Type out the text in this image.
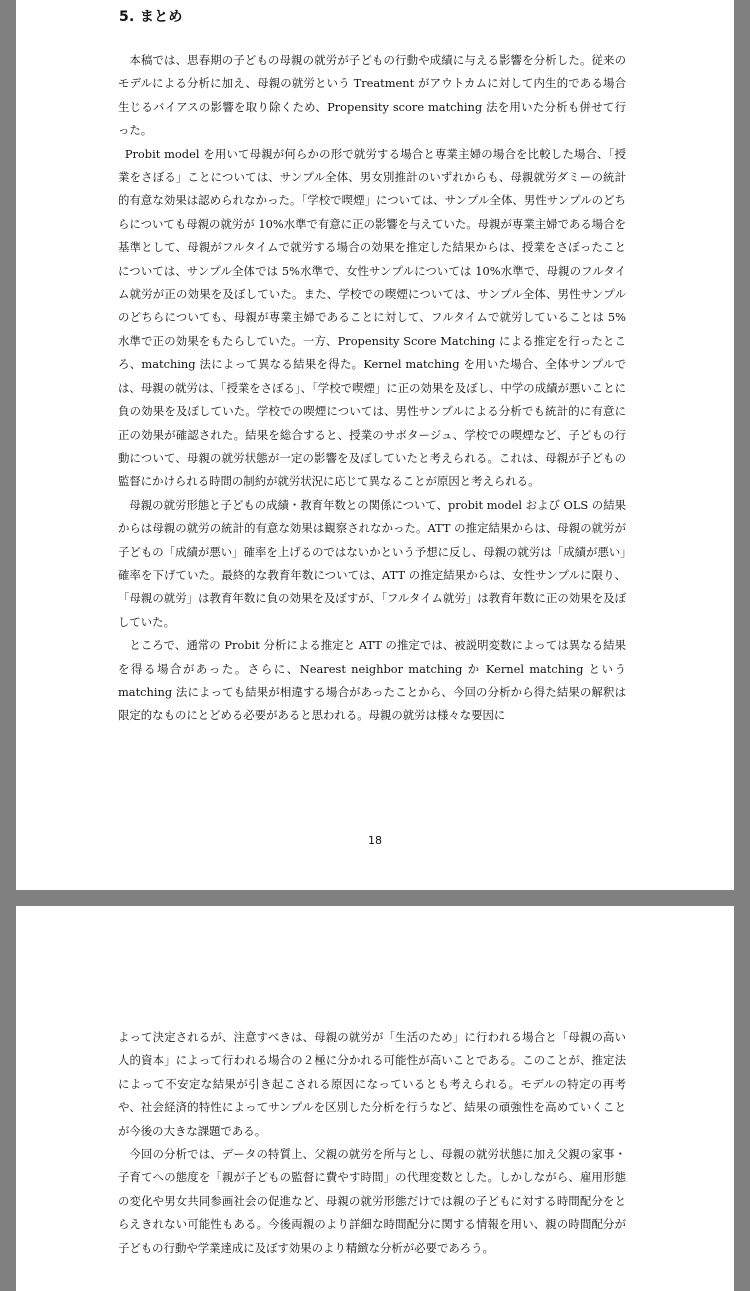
5. まとめ

本稿では、思春期の子どもの母親の就労が子どもの行動や成績に与える影響を分析した。従来のモデルによる分析に加え、母親の就労という Treatment がアウトカムに対して内生的である場合生じるバイアスの影響を取り除くため、Propensity score matching 法を用いた分析も併せて行った。

Probit model を用いて母親が何らかの形で就労する場合と専業主婦の場合を比較した場合、「授業をさぼる」ことについては、サンプル全体、男女別推計のいずれからも、母親就労ダミーの統計的有意な効果は認められなかった。「学校で喫煙」については、サンプル全体、男性サンプルのどちらについても母親の就労が 10%水準で有意に正の影響を与えていた。母親が専業主婦である場合を基準として、母親がフルタイムで就労する場合の効果を推定した結果からは、授業をさぼったことについては、サンプル全体では 5%水準で、女性サンプルについては 10%水準で、母親のフルタイム就労が正の効果を及ぼしていた。また、学校での喫煙については、サンプル全体、男性サンプルのどちらについても、母親が専業主婦であることに対して、フルタイムで就労していることは 5%水準で正の効果をもたらしていた。一方、Propensity Score Matching による推定を行ったところ、matching 法によって異なる結果を得た。Kernel matching を用いた場合、全体サンプルでは、母親の就労は、「授業をさぼる」、「学校で喫煙」に正の効果を及ぼし、中学の成績が悪いことに負の効果を及ぼしていた。学校での喫煙については、男性サンプルによる分析でも統計的に有意に正の効果が確認された。結果を総合すると、授業のサボタージュ、学校での喫煙など、子どもの行動について、母親の就労状態が一定の影響を及ぼしていたと考えられる。これは、母親が子どもの監督にかけられる時間の制約が就労状況に応じて異なることが原因と考えられる。

母親の就労形態と子どもの成績・教育年数との関係について、probit model および OLS の結果からは母親の就労の統計的有意な効果は観察されなかった。ATT の推定結果からは、母親の就労が子どもの「成績が悪い」確率を上げるのではないかという予想に反し、母親の就労は「成績が悪い」確率を下げていた。最終的な教育年数については、ATT の推定結果からは、女性サンプルに限り、「母親の就労」は教育年数に負の効果を及ぼすが、「フルタイム就労」は教育年数に正の効果を及ぼしていた。

ところで、通常の Probit 分析による推定と ATT の推定では、被説明変数によっては異なる結果を得る場合があった。さらに、Nearest neighbor matching か Kernel matching という matching 法によっても結果が相違する場合があったことから、今回の分析から得た結果の解釈は限定的なものにとどめる必要があると思われる。母親の就労は様々な要因に

18

よって決定されるが、注意すべきは、母親の就労が「生活のため」に行われる場合と「母親の高い人的資本」によって行われる場合の２極に分かれる可能性が高いことである。このことが、推定法によって不安定な結果が引き起こされる原因になっているとも考えられる。モデルの特定の再考や、社会経済的特性によってサンプルを区別した分析を行うなど、結果の頑強性を高めていくことが今後の大きな課題である。

今回の分析では、データの特質上、父親の就労を所与とし、母親の就労状態に加え父親の家事・子育てへの態度を「親が子どもの監督に費やす時間」の代理変数とした。しかしながら、雇用形態の変化や男女共同参画社会の促進など、母親の就労形態だけでは親の子どもに対する時間配分をとらえきれない可能性もある。今後両親のより詳細な時間配分に関する情報を用い、親の時間配分が子どもの行動や学業達成に及ぼす効果のより精緻な分析が必要であろう。
